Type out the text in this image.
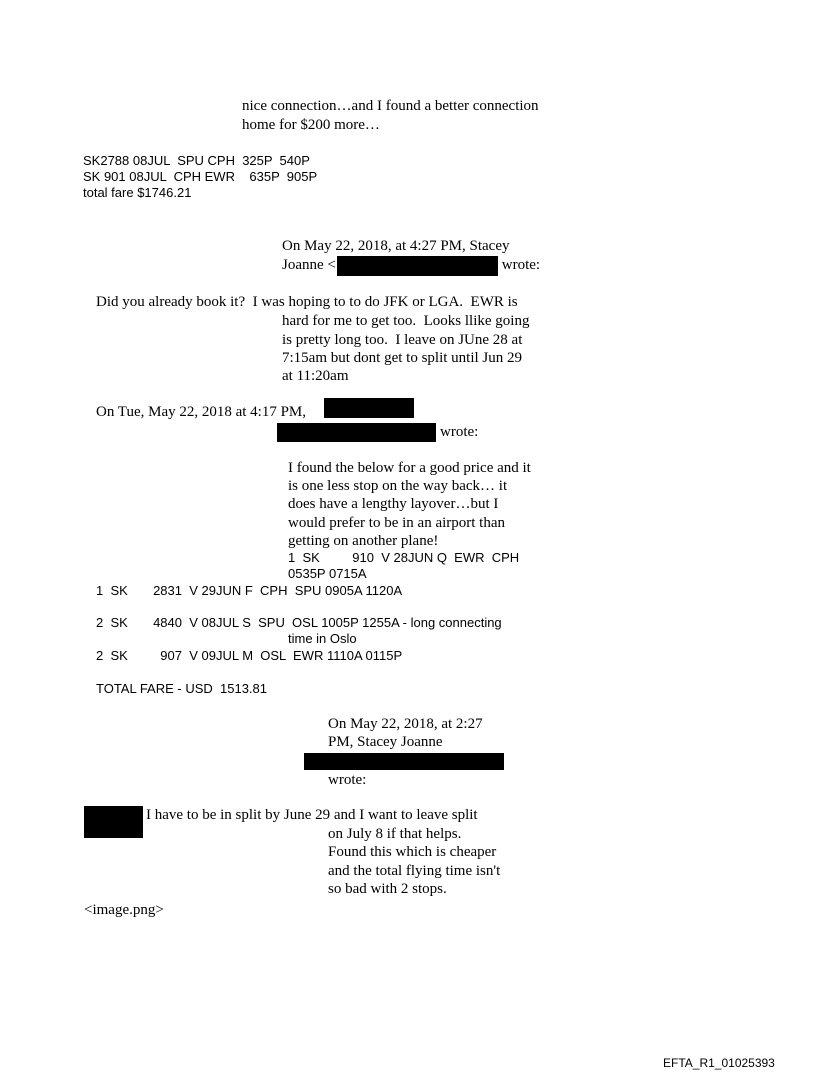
nice connection…and I found a better connection
home for $200 more…
SK2788 08JUL  SPU CPH  325P  540P
SK 901 08JUL  CPH EWR    635P  905P
total fare $1746.21
On May 22, 2018, at 4:27 PM, Stacey
Joanne <	wrote:
Did you already book it?  I was hoping to to do JFK or LGA.  EWR is
hard for me to get too.  Looks llike going
is pretty long too.  I leave on JUne 28 at
7:15am but dont get to split until Jun 29
at 11:20am
On Tue, May 22, 2018 at 4:17 PM,
wrote:
I found the below for a good price and it
is one less stop on the way back… it
does have a lengthy layover…but I
would prefer to be in an airport than
getting on another plane!
1  SK         910  V 28JUN Q  EWR  CPH
0535P 0715A
1  SK       2831  V 29JUN F  CPH  SPU 0905A 1120A
2  SK       4840  V 08JUL S  SPU  OSL 1005P 1255A - long connecting
time in Oslo
2  SK         907  V 09JUL M  OSL  EWR 1110A 0115P
TOTAL FARE - USD  1513.81
On May 22, 2018, at 2:27
PM, Stacey Joanne
wrote:
I have to be in split by June 29 and I want to leave split
on July 8 if that helps.
Found this which is cheaper
and the total flying time isn't
so bad with 2 stops.
<image.png>
EFTA_R1_01025393
